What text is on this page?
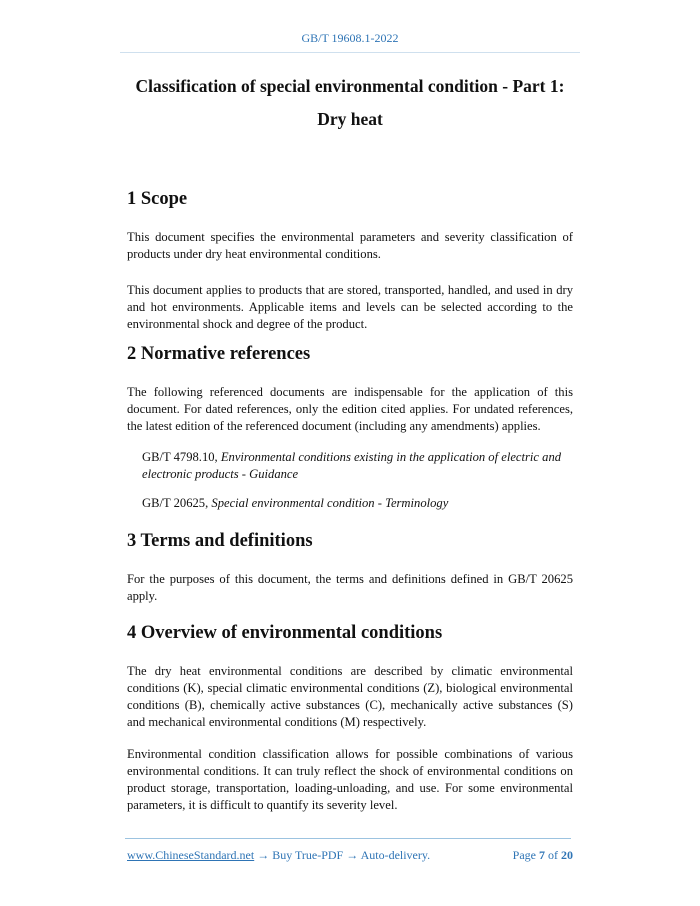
GB/T 19608.1-2022
Classification of special environmental condition - Part 1:
Dry heat
1 Scope
This document specifies the environmental parameters and severity classification of products under dry heat environmental conditions.
This document applies to products that are stored, transported, handled, and used in dry and hot environments. Applicable items and levels can be selected according to the environmental shock and degree of the product.
2 Normative references
The following referenced documents are indispensable for the application of this document. For dated references, only the edition cited applies. For undated references, the latest edition of the referenced document (including any amendments) applies.
GB/T 4798.10, Environmental conditions existing in the application of electric and electronic products - Guidance
GB/T 20625, Special environmental condition - Terminology
3 Terms and definitions
For the purposes of this document, the terms and definitions defined in GB/T 20625 apply.
4 Overview of environmental conditions
The dry heat environmental conditions are described by climatic environmental conditions (K), special climatic environmental conditions (Z), biological environmental conditions (B), chemically active substances (C), mechanically active substances (S) and mechanical environmental conditions (M) respectively.
Environmental condition classification allows for possible combinations of various environmental conditions. It can truly reflect the shock of environmental conditions on product storage, transportation, loading-unloading, and use. For some environmental parameters, it is difficult to quantify its severity level.
www.ChineseStandard.net → Buy True-PDF → Auto-delivery.	Page 7 of 20
